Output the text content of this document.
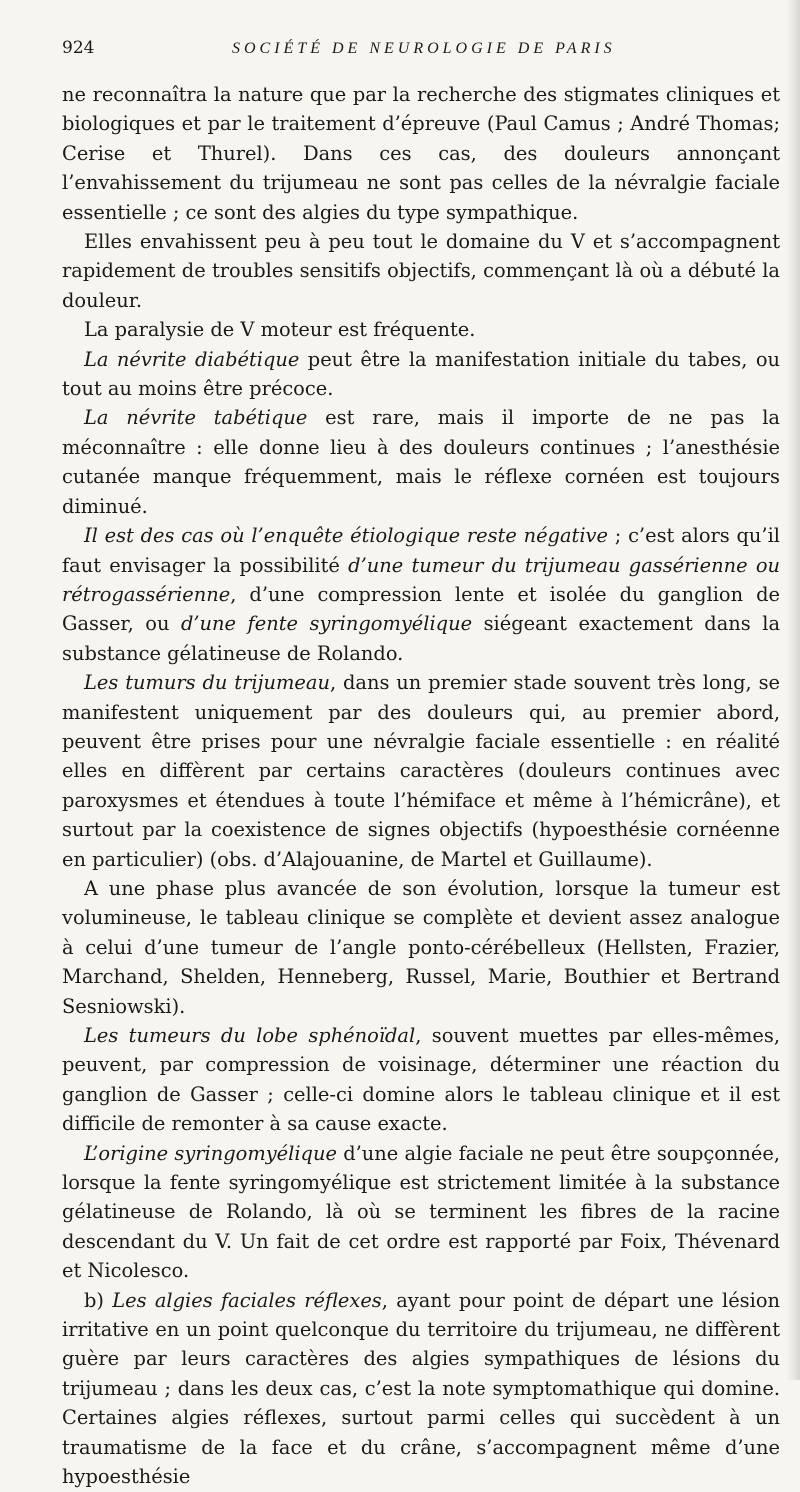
924	SOCIÉTÉ DE NEUROLOGIE DE PARIS

ne reconnaîtra la nature que par la recherche des stigmates cliniques et biologiques et par le traitement d’épreuve (Paul Camus ; André Thomas; Cerise et Thurel). Dans ces cas, des douleurs annonçant l’envahissement du trijumeau ne sont pas celles de la névralgie faciale essentielle ; ce sont des algies du type sympathique.

Elles envahissent peu à peu tout le domaine du V et s’accompagnent rapidement de troubles sensitifs objectifs, commençant là où a débuté la douleur.

La paralysie de V moteur est fréquente.

La névrite diabétique peut être la manifestation initiale du tabes, ou tout au moins être précoce.

La névrite tabétique est rare, mais il importe de ne pas la méconnaître : elle donne lieu à des douleurs continues ; l’anesthésie cutanée manque fréquemment, mais le réflexe cornéen est toujours diminué.

Il est des cas où l’enquête étiologique reste négative ; c’est alors qu’il faut envisager la possibilité d’une tumeur du trijumeau gassérienne ou rétrogassérienne, d’une compression lente et isolée du ganglion de Gasser, ou d’une fente syringomyélique siégeant exactement dans la substance gélatineuse de Rolando.

Les tumurs du trijumeau, dans un premier stade souvent très long, se manifestent uniquement par des douleurs qui, au premier abord, peuvent être prises pour une névralgie faciale essentielle : en réalité elles en diffèrent par certains caractères (douleurs continues avec paroxysmes et étendues à toute l’hémiface et même à l’hémicrâne), et surtout par la coexistence de signes objectifs (hypoesthésie cornéenne en particulier) (obs. d’Alajouanine, de Martel et Guillaume).

A une phase plus avancée de son évolution, lorsque la tumeur est volumineuse, le tableau clinique se complète et devient assez analogue à celui d’une tumeur de l’angle ponto-cérébelleux (Hellsten, Frazier, Marchand, Shelden, Henneberg, Russel, Marie, Bouthier et Bertrand Sesniowski).

Les tumeurs du lobe sphénoïdal, souvent muettes par elles-mêmes, peuvent, par compression de voisinage, déterminer une réaction du ganglion de Gasser ; celle-ci domine alors le tableau clinique et il est difficile de remonter à sa cause exacte.

L’origine syringomyélique d’une algie faciale ne peut être soupçonnée, lorsque la fente syringomyélique est strictement limitée à la substance gélatineuse de Rolando, là où se terminent les fibres de la racine descendant du V. Un fait de cet ordre est rapporté par Foix, Thévenard et Nicolesco.

b) Les algies faciales réflexes, ayant pour point de départ une lésion irritative en un point quelconque du territoire du trijumeau, ne diffèrent guère par leurs caractères des algies sympathiques de lésions du trijumeau ; dans les deux cas, c’est la note symptomathique qui domine. Certaines algies réflexes, surtout parmi celles qui succèdent à un traumatisme de la face et du crâne, s’accompagnent même d’une hypoesthésie
